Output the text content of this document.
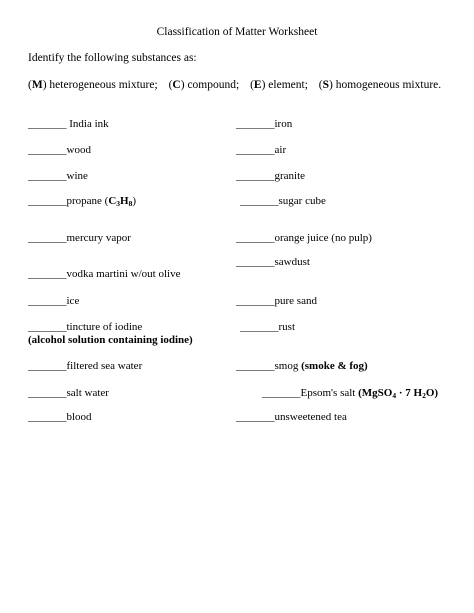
Classification of Matter Worksheet
Identify the following substances as:
(M) heterogeneous mixture; (C) compound; (E) element; (S) homogeneous mixture.
_______ India ink
_______wood
_______wine
_______propane $(C_3H_8)$
_______mercury vapor
_______vodka martini w/out olive
_______ice
_______tincture of iodine
(alcohol solution containing iodine)
_______filtered sea water
_______salt water
_______blood
_______iron
_______air
_______granite
_______sugar cube
_______orange juice (no pulp)
_______sawdust
_______pure sand
_______rust
_______smog (smoke & fog)
_______Epsom's salt (MgSO$_4$ · 7 $H_2O$)
_______unsweetened tea
